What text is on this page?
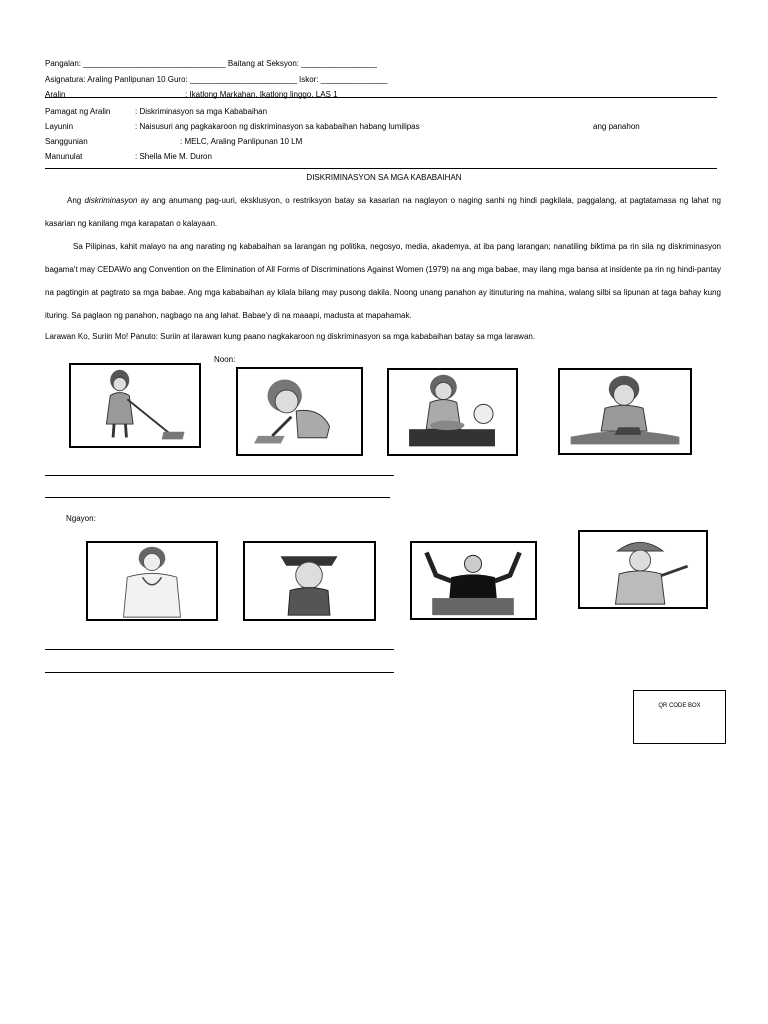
Pangalan: ________________________________ Baitang at Seksyon: _________________
Asignatura: Araling Panlipunan 10 Guro: ________________________ Iskor: _______________
Aralin	: Ikatlong Markahan, Ikatlong linggo, LAS 1
Pamagat ng Aralin	: Diskriminasyon sa mga Kababaihan
Layunin	: Naisusuri ang pagkakaroon ng diskriminasyon sa kababaihan habang lumilipas	ang panahon
Sanggunian	: MELC, Araling Panlipunan 10 LM
Manunulat	: Shella Mie M. Duron
DISKRIMINASYON SA MGA KABABAIHAN
Ang diskriminasyon ay ang anumang pag-uuri, eksklusyon, o restriksyon batay sa kasarian na naglayon o naging sanhi ng hindi pagkilala, paggalang, at pagtatamasa ng lahat ng kasarian ng kanilang mga karapatan o kalayaan.
Sa Pilipinas, kahit malayo na ang narating ng kababaihan sa larangan ng politika, negosyo, media, akademya, at iba pang larangan; nanatiling biktima pa rin sila ng diskriminasyon bagama't may CEDAWo ang Convention on the Elimination of All Forms of Discriminations Against Women (1979) na ang mga babae, may ilang mga bansa at insidente pa rin ng hindi-pantay na pagtingin at pagtrato sa mga babae. Ang mga kababaihan ay kilala bilang may pusong dakila. Noong unang panahon ay itinuturing na mahina, walang silbi sa lipunan at taga bahay kung ituring. Sa paglaon ng panahon, nagbago na ang lahat. Babae'y di na maaapi, madusta at mapahamak.
Larawan Ko, Suriin Mo! Panuto: Suriin at ilarawan kung paano nagkakaroon ng diskriminasyon sa mga kababaihan batay sa mga larawan.
Noon:
Ngayon:
QR CODE BOX
